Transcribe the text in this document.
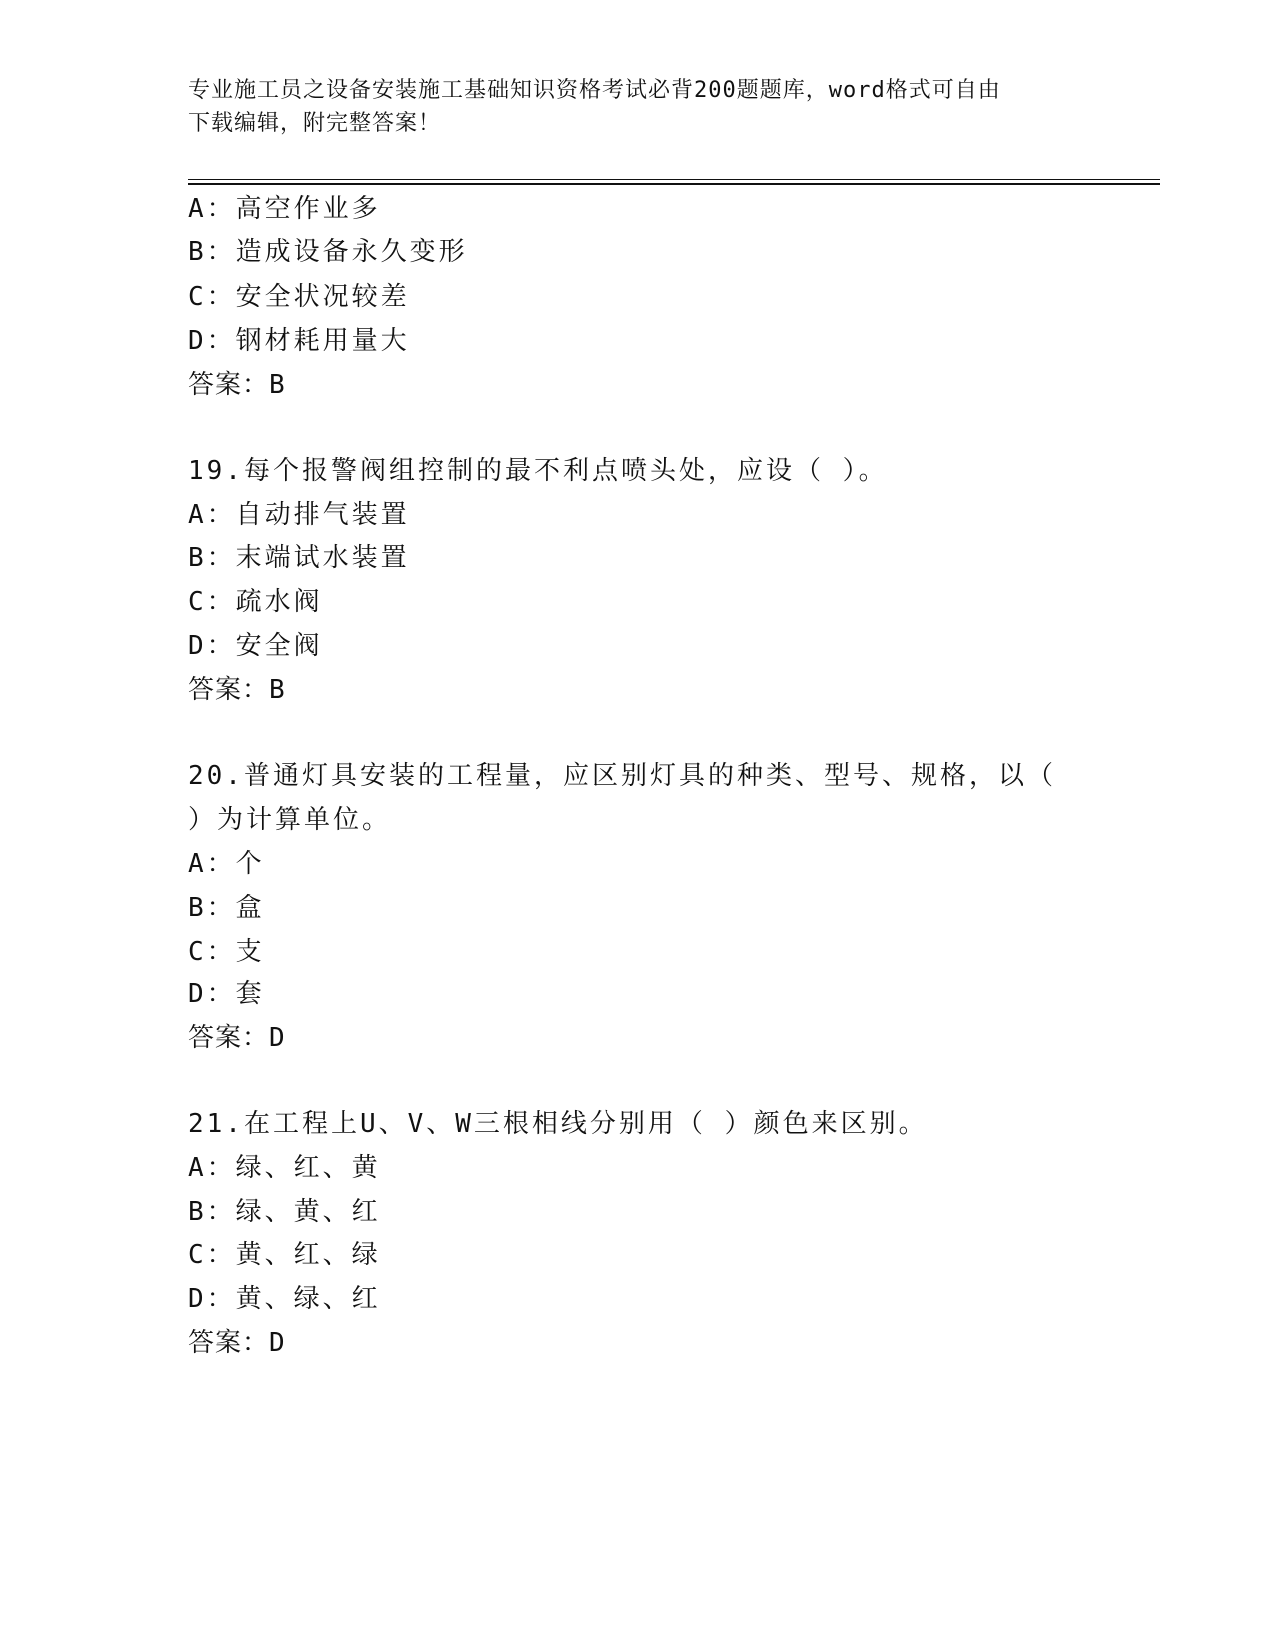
专业施工员之设备安装施工基础知识资格考试必背200题题库，word格式可自由
下载编辑，附完整答案！
A：高空作业多
B：造成设备永久变形
C：安全状况较差
D：钢材耗用量大
答案：B
19.每个报警阀组控制的最不利点喷头处，应设（ ）。
A：自动排气装置
B：末端试水装置
C：疏水阀
D：安全阀
答案：B
20.普通灯具安装的工程量，应区别灯具的种类、型号、规格，以（
）为计算单位。
A：个
B：盒
C：支
D：套
答案：D
21.在工程上U、V、W三根相线分别用（ ）颜色来区别。
A：绿、红、黄
B：绿、黄、红
C：黄、红、绿
D：黄、绿、红
答案：D
